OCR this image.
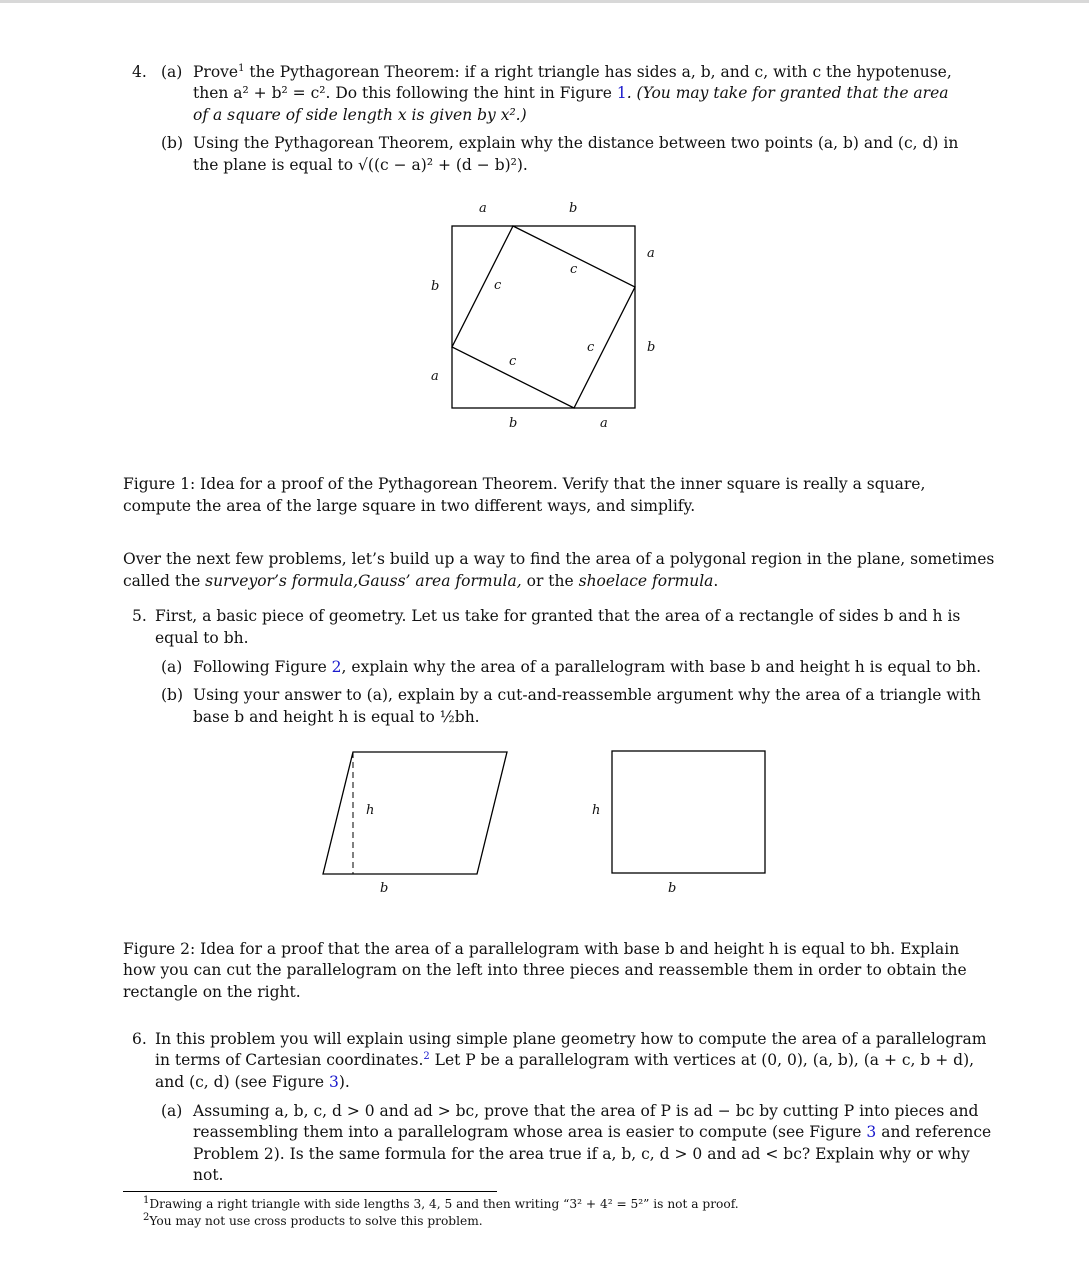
4. (a) Prove$^1$ the Pythagorean Theorem: if a right triangle has sides a, b, and c, with c the hypotenuse,
then a² + b² = c². Do this following the hint in Figure 1. (You may take for granted that the area
of a square of side length x is given by x².)
(b) Using the Pythagorean Theorem, explain why the distance between two points (a, b) and (c, d) in
the plane is equal to √((c − a)² + (d − b)²).
a	b
b
a
a
b
b	a
c
c
c
c
Figure 1: Idea for a proof of the Pythagorean Theorem. Verify that the inner square is really a square,
compute the area of the large square in two different ways, and simplify.
Over the next few problems, let’s build up a way to find the area of a polygonal region in the plane, sometimes
called the surveyor’s formula,Gauss’ area formula, or the shoelace formula.
5. First, a basic piece of geometry. Let us take for granted that the area of a rectangle of sides b and h is
equal to bh.
(a) Following Figure 2, explain why the area of a parallelogram with base b and height h is equal to bh.
(b) Using your answer to (a), explain by a cut-and-reassemble argument why the area of a triangle with
base b and height h is equal to ½bh.
h
b
h
b
Figure 2: Idea for a proof that the area of a parallelogram with base b and height h is equal to bh. Explain
how you can cut the parallelogram on the left into three pieces and reassemble them in order to obtain the
rectangle on the right.
6. In this problem you will explain using simple plane geometry how to compute the area of a parallelogram
in terms of Cartesian coordinates.$^2$ Let P be a parallelogram with vertices at (0, 0), (a, b), (a + c, b + d),
and (c, d) (see Figure 3).
(a) Assuming a, b, c, d > 0 and ad > bc, prove that the area of P is ad − bc by cutting P into pieces and
reassembling them into a parallelogram whose area is easier to compute (see Figure 3 and reference
Problem 2). Is the same formula for the area true if a, b, c, d > 0 and ad < bc? Explain why or why
not.
$^1$Drawing a right triangle with side lengths 3, 4, 5 and then writing “3² + 4² = 5²” is not a proof.
$^2$You may not use cross products to solve this problem.
